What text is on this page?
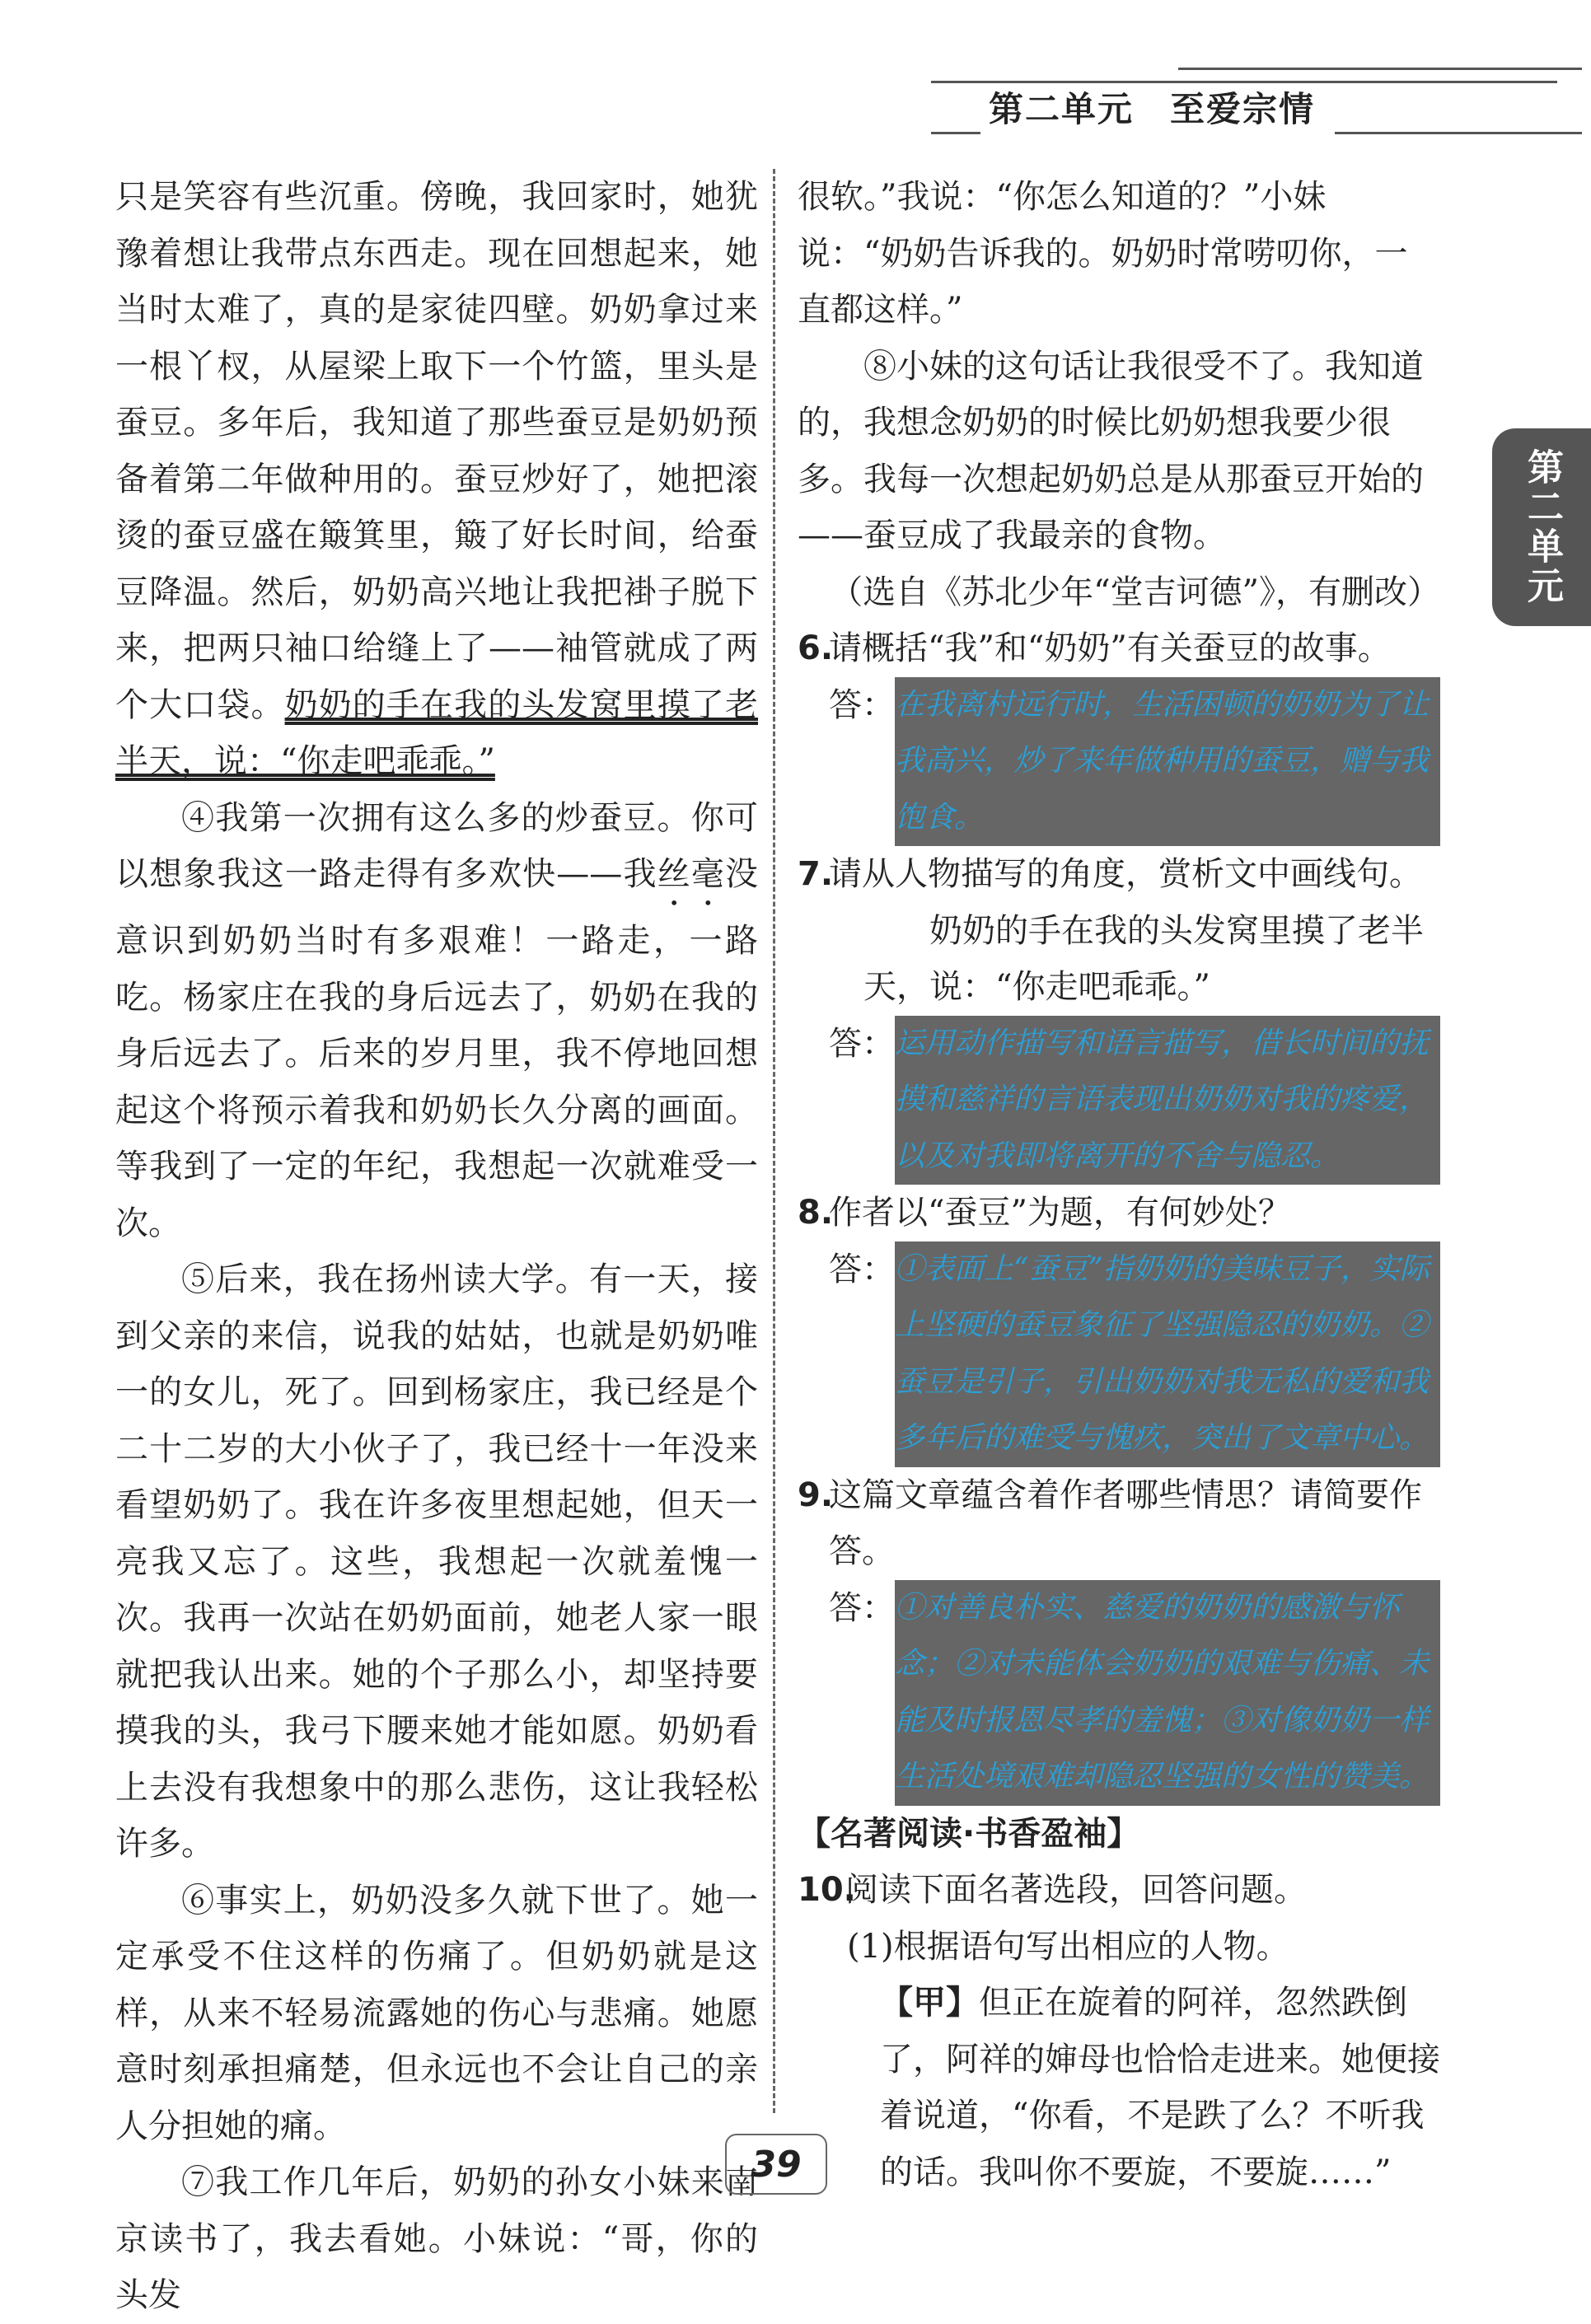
第二单元　至爱宗情
第二单元

只是笑容有些沉重。傍晚，我回家时，她犹豫着想让我带点东西走。现在回想起来，她当时太难了，真的是家徒四壁。奶奶拿过来一根丫杈，从屋梁上取下一个竹篮，里头是蚕豆。多年后，我知道了那些蚕豆是奶奶预备着第二年做种用的。蚕豆炒好了，她把滚烫的蚕豆盛在簸箕里，簸了好长时间，给蚕豆降温。然后，奶奶高兴地让我把褂子脱下来，把两只袖口给缝上了——袖管就成了两个大口袋。奶奶的手在我的头发窝里摸了老半天，说：“你走吧乖乖。”

④我第一次拥有这么多的炒蚕豆。你可以想象我这一路走得有多欢快——我丝毫没意识到奶奶当时有多艰难！一路走，一路吃。杨家庄在我的身后远去了，奶奶在我的身后远去了。后来的岁月里，我不停地回想起这个将预示着我和奶奶长久分离的画面。等我到了一定的年纪，我想起一次就难受一次。

⑤后来，我在扬州读大学。有一天，接到父亲的来信，说我的姑姑，也就是奶奶唯一的女儿，死了。回到杨家庄，我已经是个二十二岁的大小伙子了，我已经十一年没来看望奶奶了。我在许多夜里想起她，但天一亮我又忘了。这些，我想起一次就羞愧一次。我再一次站在奶奶面前，她老人家一眼就把我认出来。她的个子那么小，却坚持要摸我的头，我弓下腰来她才能如愿。奶奶看上去没有我想象中的那么悲伤，这让我轻松许多。

⑥事实上，奶奶没多久就下世了。她一定承受不住这样的伤痛了。但奶奶就是这样，从来不轻易流露她的伤心与悲痛。她愿意时刻承担痛楚，但永远也不会让自己的亲人分担她的痛。

⑦我工作几年后，奶奶的孙女小妹来南京读书了，我去看她。小妹说：“哥，你的头发

很软。”我说：“你怎么知道的？”小妹说：“奶奶告诉我的。奶奶时常唠叨你，一直都这样。”

⑧小妹的这句话让我很受不了。我知道的，我想念奶奶的时候比奶奶想我要少很多。我每一次想起奶奶总是从那蚕豆开始的——蚕豆成了我最亲的食物。

（选自《苏北少年“堂吉诃德”》，有删改）

6.
请概括“我”和“奶奶”有关蚕豆的故事。
答： 在我离村远行时，生活困顿的奶奶为了让我高兴，炒了来年做种用的蚕豆，赠与我饱食。
7.
请从人物描写的角度，赏析文中画线句。

奶奶的手在我的头发窝里摸了老半天，说：“你走吧乖乖。”

答： 运用动作描写和语言描写，借长时间的抚摸和慈祥的言语表现出奶奶对我的疼爱，以及对我即将离开的不舍与隐忍。
8.
作者以“蚕豆”为题，有何妙处？
答： ①表面上“蚕豆”指奶奶的美味豆子，实际上坚硬的蚕豆象征了坚强隐忍的奶奶。②蚕豆是引子，引出奶奶对我无私的爱和我多年后的难受与愧疚，突出了文章中心。
9.
这篇文章蕴含着作者哪些情思？请简要作答。
答： ①对善良朴实、慈爱的奶奶的感激与怀念；②对未能体会奶奶的艰难与伤痛、未能及时报恩尽孝的羞愧；③对像奶奶一样生活处境艰难却隐忍坚强的女性的赞美。

【名著阅读·书香盈袖】

10.
阅读下面名著选段，回答问题。

(1)根据语句写出相应的人物。

【甲】但正在旋着的阿祥，忽然跌倒了，阿祥的婶母也恰恰走进来。她便接着说道，“你看，不是跌了么？不听我的话。我叫你不要旋，不要旋……”

39
